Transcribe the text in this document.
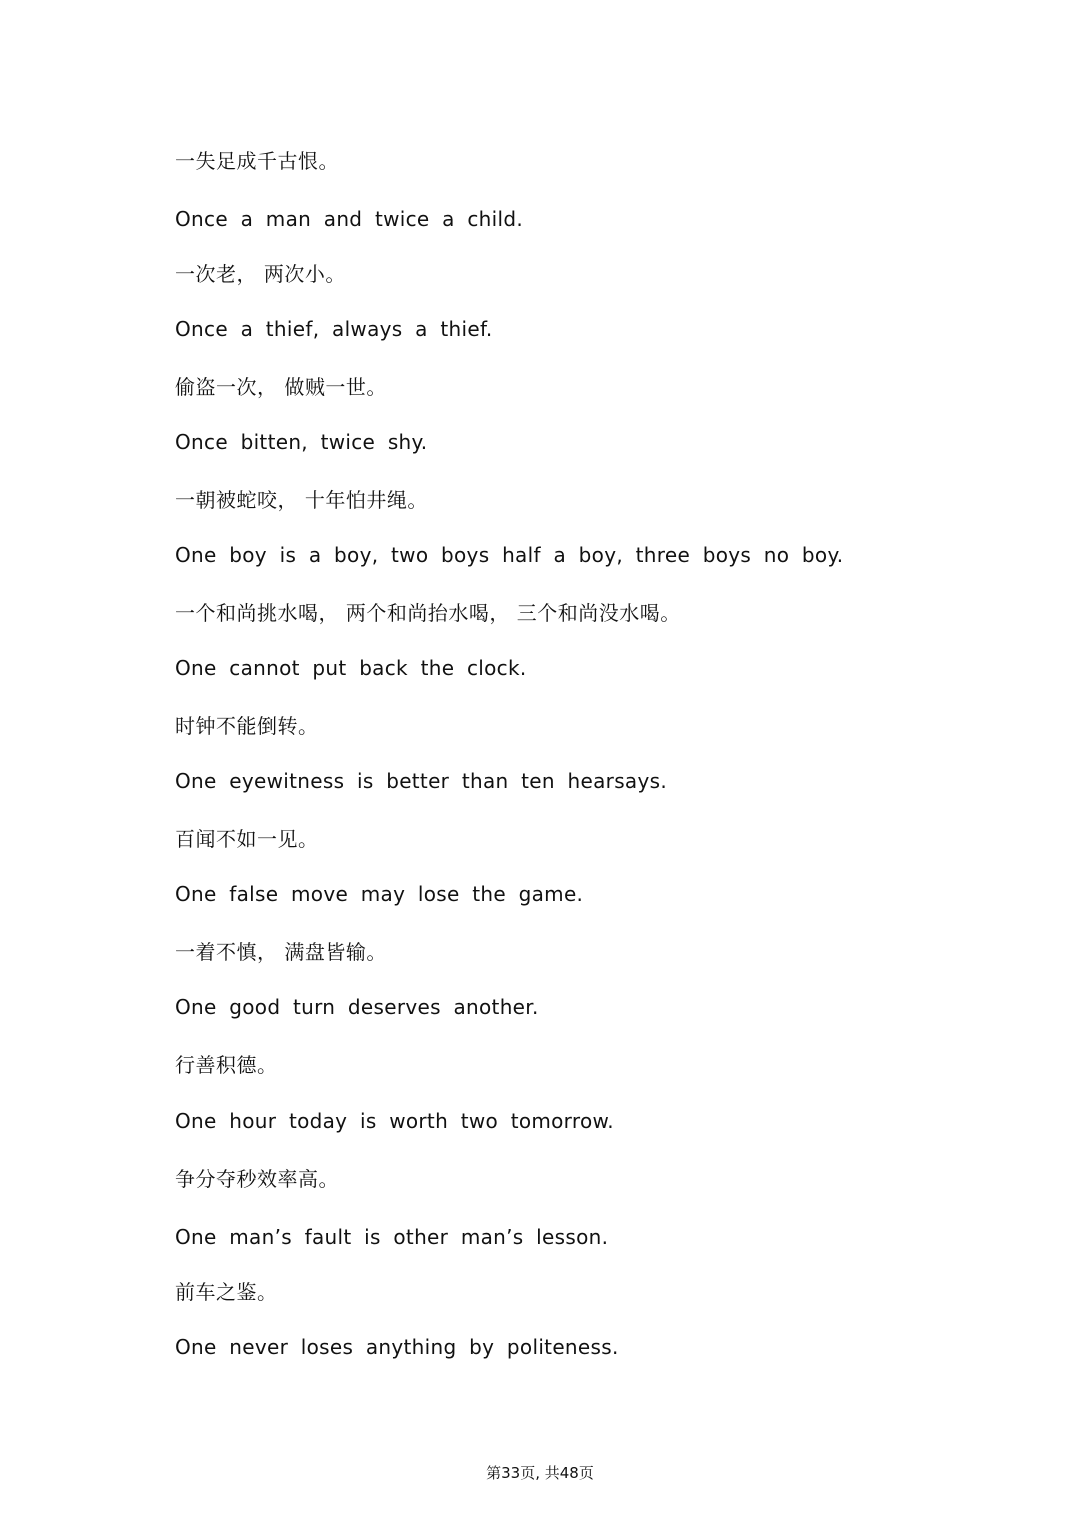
一失足成千古恨。
Once a man and twice a child.
一次老， 两次小。
Once a thief, always a thief.
偷盗一次， 做贼一世。
Once bitten, twice shy.
一朝被蛇咬， 十年怕井绳。
One boy is a boy, two boys half a boy, three boys no boy.
一个和尚挑水喝， 两个和尚抬水喝， 三个和尚没水喝。
One cannot put back the clock.
时钟不能倒转。
One eyewitness is better than ten hearsays.
百闻不如一见。
One false move may lose the game.
一着不慎， 满盘皆输。
One good turn deserves another.
行善积德。
One hour today is worth two tomorrow.
争分夺秒效率高。
One man’s fault is other man’s lesson.
前车之鉴。
One never loses anything by politeness.
第33页, 共48页
